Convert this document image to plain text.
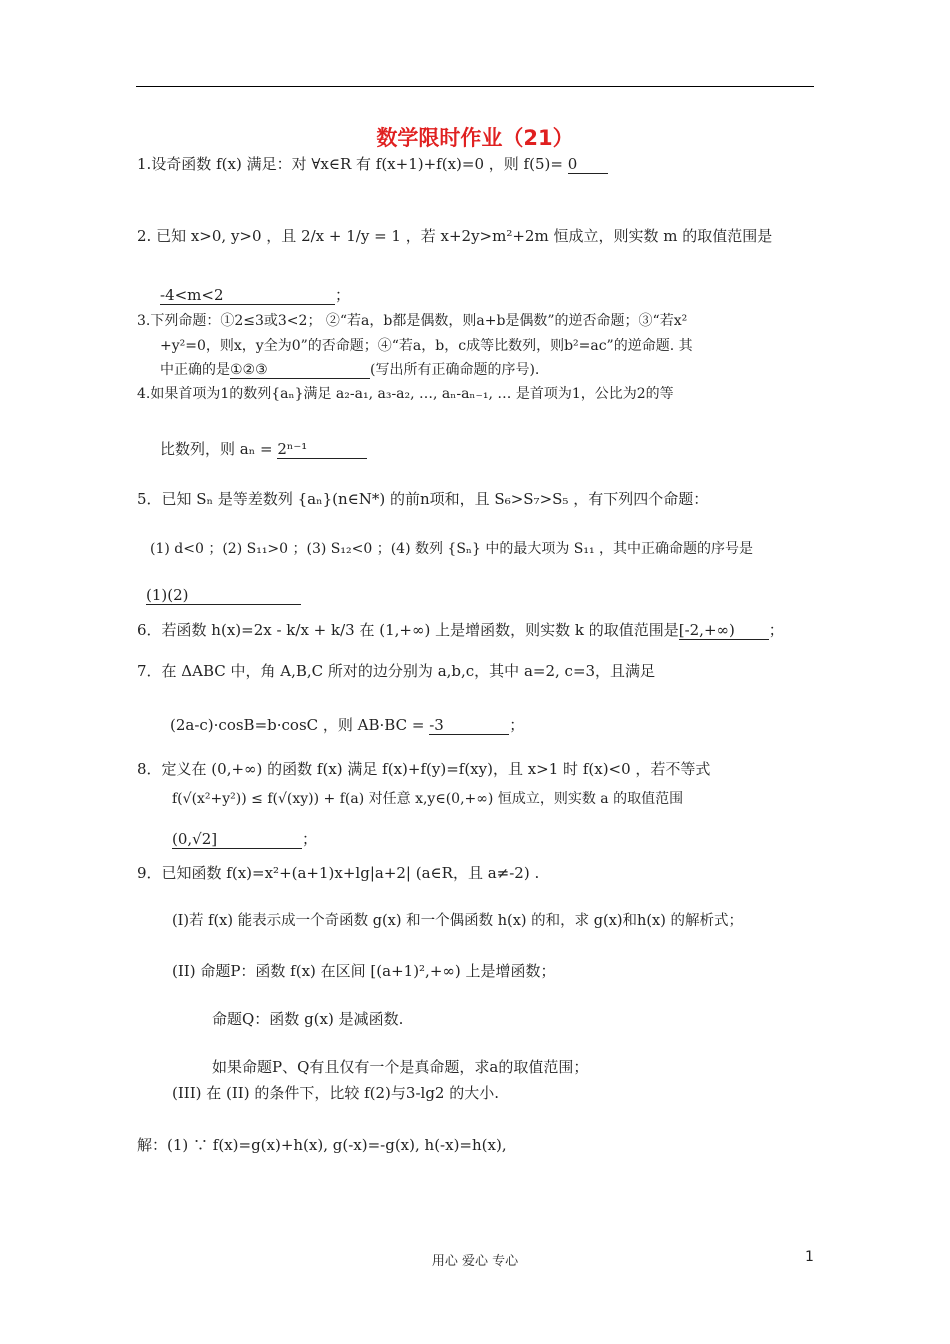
数学限时作业（21）
1.设奇函数 f(x) 满足：对 ∀x∈R 有 f(x+1)+f(x)=0 ，则 f(5)= 0
2. 已知 x>0, y>0 ，且 2/x + 1/y = 1 ，若 x+2y>m²+2m 恒成立，则实数 m 的取值范围是
-4<m<2	；
3.下列命题：①2≤3或3<2； ②“若a，b都是偶数，则a+b是偶数”的逆否命题；③“若x²
+y²=0，则x，y全为0”的否命题；④“若a，b，c成等比数列，则b²=ac”的逆命题. 其
中正确的是①②③	(写出所有正确命题的序号).
4.如果首项为1的数列{aₙ}满足 a₂-a₁, a₃-a₂, …, aₙ-aₙ₋₁, … 是首项为1，公比为2的等
比数列，则 aₙ = 2ⁿ⁻¹
5．已知 Sₙ 是等差数列 {aₙ}(n∈N*) 的前n项和，且 S₆>S₇>S₅ ，有下列四个命题：
(1) d<0 ；(2) S₁₁>0 ；(3) S₁₂<0 ；(4) 数列 {Sₙ} 中的最大项为 S₁₁ ，其中正确命题的序号是
(1)(2)
6．若函数 h(x)=2x - k/x + k/3 在 (1,+∞) 上是增函数，则实数 k 的取值范围是[-2,+∞) ；
7．在 ΔABC 中，角 A,B,C 所对的边分别为 a,b,c，其中 a=2, c=3，且满足
(2a-c)·cosB=b·cosC ，则 AB·BC = -3	；
8．定义在 (0,+∞) 的函数 f(x) 满足 f(x)+f(y)=f(xy)，且 x>1 时 f(x)<0 ，若不等式
f(√(x²+y²)) ≤ f(√(xy)) + f(a) 对任意 x,y∈(0,+∞) 恒成立，则实数 a 的取值范围
(0,√2]	；
9．已知函数 f(x)=x²+(a+1)x+lg|a+2| (a∈R，且 a≠-2) .
(I)若 f(x) 能表示成一个奇函数 g(x) 和一个偶函数 h(x) 的和，求 g(x)和h(x) 的解析式；
(II) 命题P：函数 f(x) 在区间 [(a+1)²,+∞) 上是增函数；
命题Q：函数 g(x) 是减函数.
如果命题P、Q有且仅有一个是真命题，求a的取值范围；
(III) 在 (II) 的条件下，比较 f(2)与3-lg2 的大小.
解：(1) ∵ f(x)=g(x)+h(x), g(-x)=-g(x), h(-x)=h(x),
用心 爱心 专心	1
